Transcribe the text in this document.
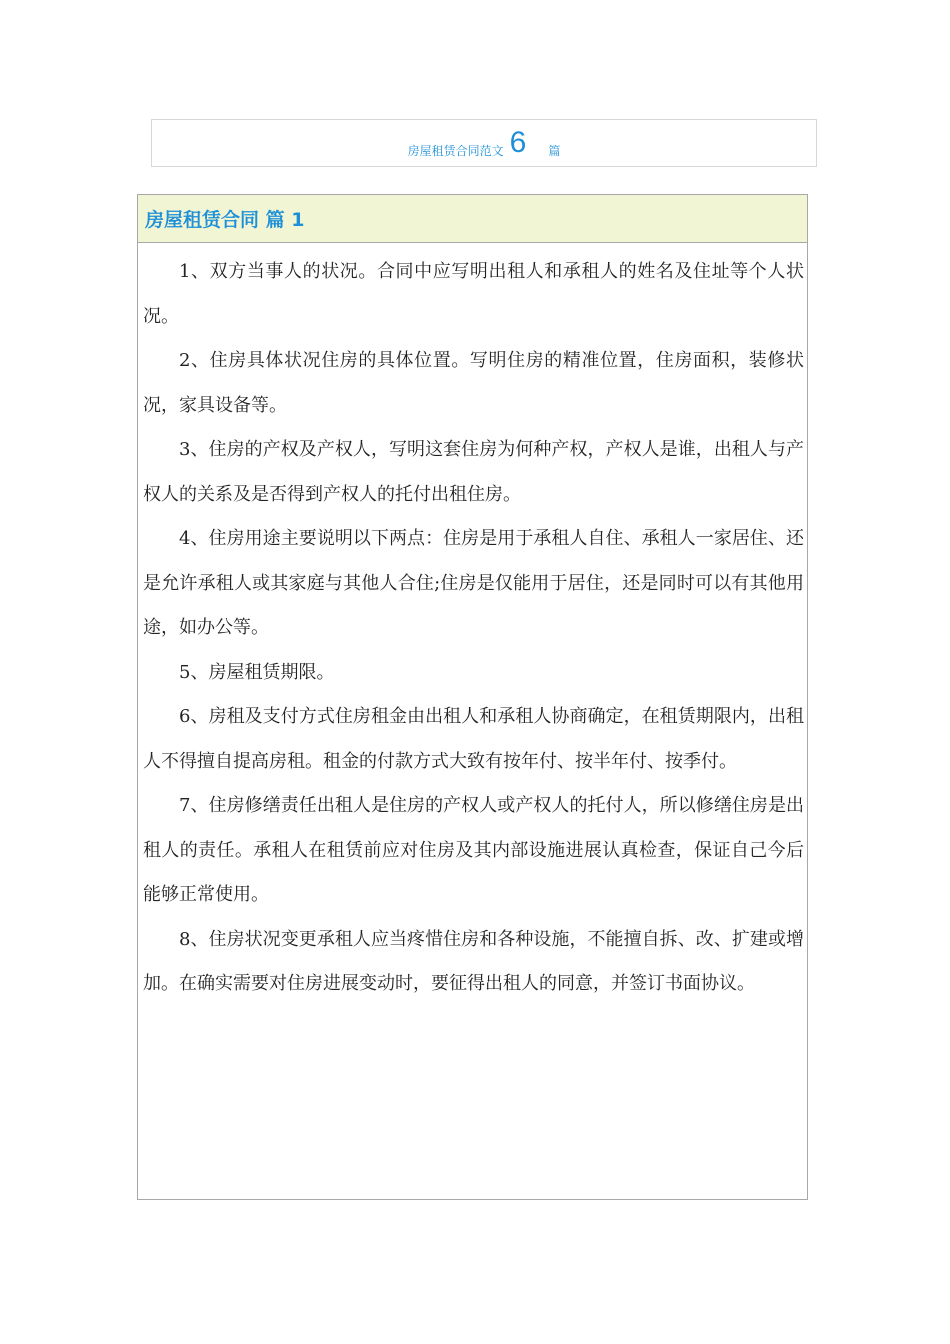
房屋租赁合同范文 6 篇
房屋租赁合同 篇 1

1、双方当事人的状况。合同中应写明出租人和承租人的姓名及住址等个人状况。

2、住房具体状况住房的具体位置。写明住房的精准位置，住房面积，装修状况，家具设备等。

3、住房的产权及产权人，写明这套住房为何种产权，产权人是谁，出租人与产权人的关系及是否得到产权人的托付出租住房。

4、住房用途主要说明以下两点：住房是用于承租人自住、承租人一家居住、还是允许承租人或其家庭与其他人合住;住房是仅能用于居住，还是同时可以有其他用途，如办公等。

5、房屋租赁期限。

6、房租及支付方式住房租金由出租人和承租人协商确定，在租赁期限内，出租人不得擅自提高房租。租金的付款方式大致有按年付、按半年付、按季付。

7、住房修缮责任出租人是住房的产权人或产权人的托付人，所以修缮住房是出租人的责任。承租人在租赁前应对住房及其内部设施进展认真检查，保证自己今后能够正常使用。

8、住房状况变更承租人应当疼惜住房和各种设施，不能擅自拆、改、扩建或增加。在确实需要对住房进展变动时，要征得出租人的同意，并签订书面协议。
